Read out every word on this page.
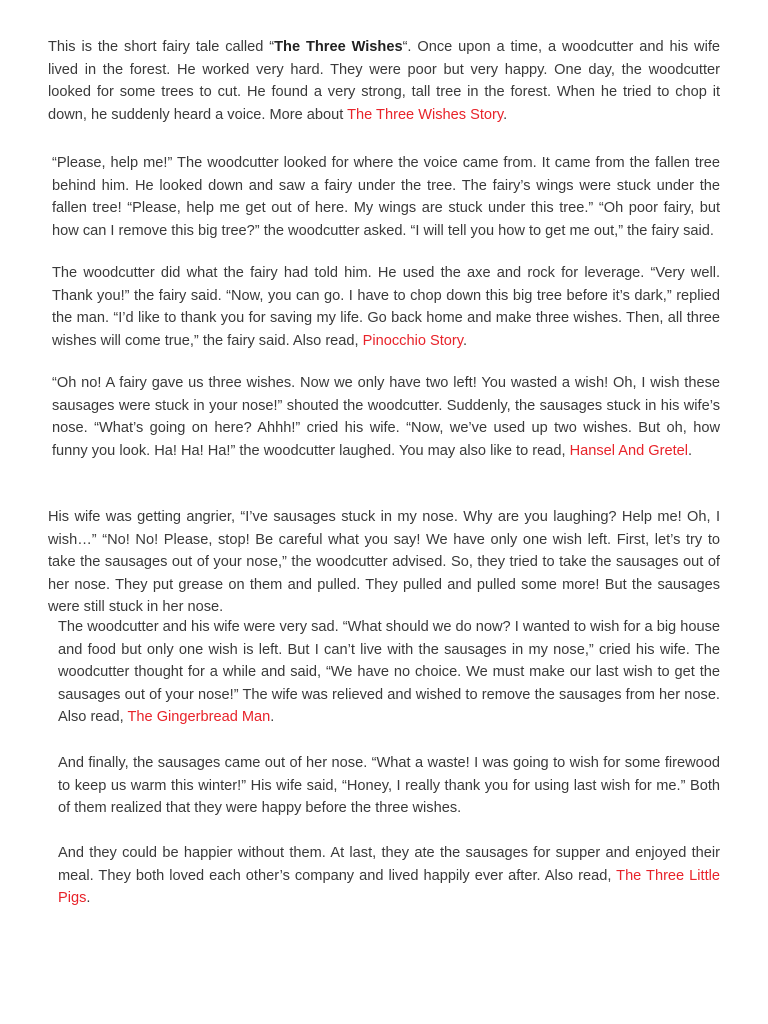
This is the short fairy tale called “The Three Wishes“. Once upon a time, a woodcutter and his wife lived in the forest. He worked very hard. They were poor but very happy. One day, the woodcutter looked for some trees to cut. He found a very strong, tall tree in the forest. When he tried to chop it down, he suddenly heard a voice. More about The Three Wishes Story.

“Please, help me!” The woodcutter looked for where the voice came from. It came from the fallen tree behind him. He looked down and saw a fairy under the tree. The fairy’s wings were stuck under the fallen tree! “Please, help me get out of here. My wings are stuck under this tree.” “Oh poor fairy, but how can I remove this big tree?” the woodcutter asked. “I will tell you how to get me out,” the fairy said.

The woodcutter did what the fairy had told him. He used the axe and rock for leverage. “Very well. Thank you!” the fairy said. “Now, you can go. I have to chop down this big tree before it’s dark,” replied the man. “I’d like to thank you for saving my life. Go back home and make three wishes. Then, all three wishes will come true,” the fairy said. Also read, Pinocchio Story.

“Oh no! A fairy gave us three wishes. Now we only have two left! You wasted a wish! Oh, I wish these sausages were stuck in your nose!” shouted the woodcutter. Suddenly, the sausages stuck in his wife’s nose. “What’s going on here? Ahhh!” cried his wife. “Now, we’ve used up two wishes. But oh, how funny you look. Ha! Ha! Ha!” the woodcutter laughed. You may also like to read, Hansel And Gretel.

His wife was getting angrier, “I’ve sausages stuck in my nose. Why are you laughing? Help me! Oh, I wish…” “No! No! Please, stop! Be careful what you say! We have only one wish left. First, let’s try to take the sausages out of your nose,” the woodcutter advised. So, they tried to take the sausages out of her nose. They put grease on them and pulled. They pulled and pulled some more! But the sausages were still stuck in her nose.

The woodcutter and his wife were very sad. “What should we do now? I wanted to wish for a big house and food but only one wish is left. But I can’t live with the sausages in my nose,” cried his wife. The woodcutter thought for a while and said, “We have no choice. We must make our last wish to get the sausages out of your nose!” The wife was relieved and wished to remove the sausages from her nose. Also read, The Gingerbread Man.

And finally, the sausages came out of her nose. “What a waste! I was going to wish for some firewood to keep us warm this winter!” His wife said, “Honey, I really thank you for using last wish for me.” Both of them realized that they were happy before the three wishes.

And they could be happier without them. At last, they ate the sausages for supper and enjoyed their meal. They both loved each other’s company and lived happily ever after. Also read, The Three Little Pigs.
